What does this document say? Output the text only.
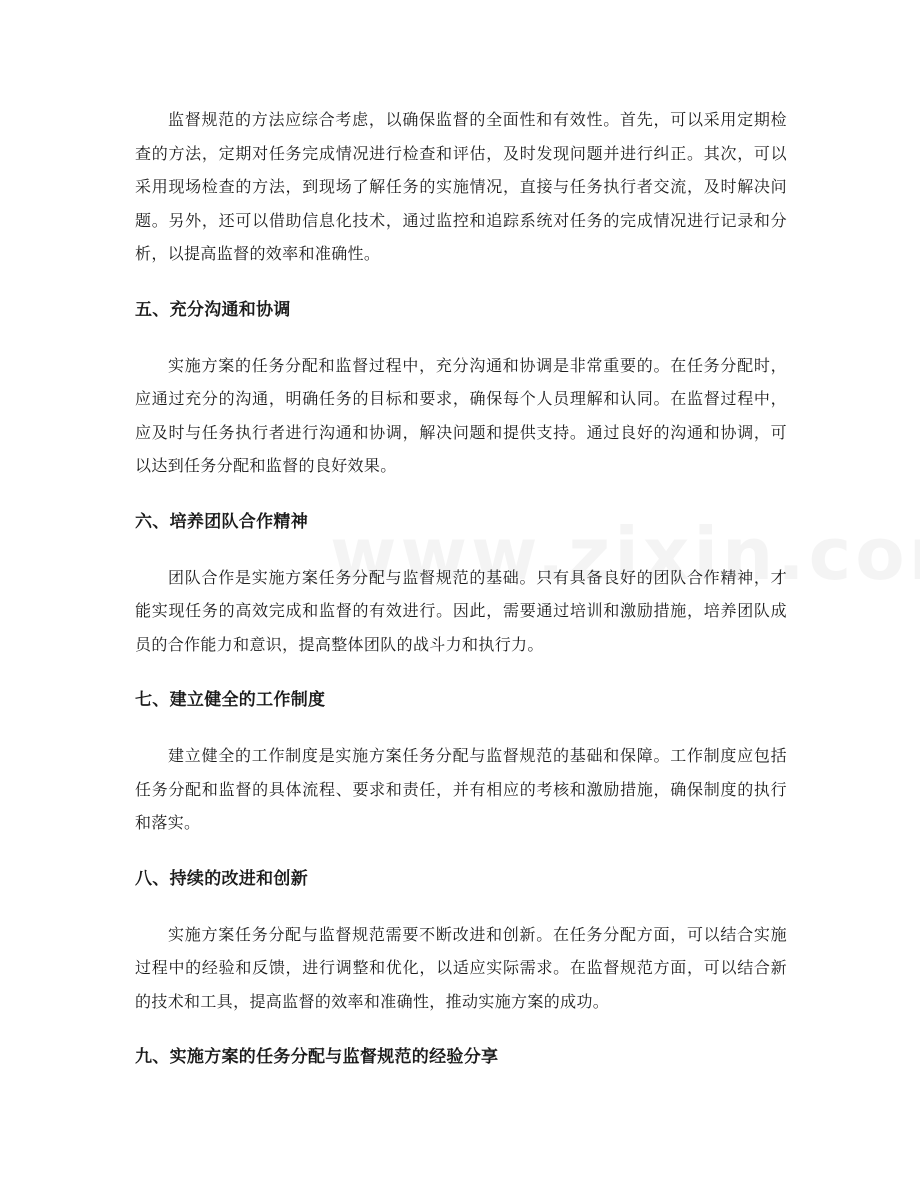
监督规范的方法应综合考虑，以确保监督的全面性和有效性。首先，可以采用定期检查的方法，定期对任务完成情况进行检查和评估，及时发现问题并进行纠正。其次，可以采用现场检查的方法，到现场了解任务的实施情况，直接与任务执行者交流，及时解决问题。另外，还可以借助信息化技术，通过监控和追踪系统对任务的完成情况进行记录和分析，以提高监督的效率和准确性。

五、充分沟通和协调

实施方案的任务分配和监督过程中，充分沟通和协调是非常重要的。在任务分配时，应通过充分的沟通，明确任务的目标和要求，确保每个人员理解和认同。在监督过程中，应及时与任务执行者进行沟通和协调，解决问题和提供支持。通过良好的沟通和协调，可以达到任务分配和监督的良好效果。

六、培养团队合作精神

团队合作是实施方案任务分配与监督规范的基础。只有具备良好的团队合作精神，才能实现任务的高效完成和监督的有效进行。因此，需要通过培训和激励措施，培养团队成员的合作能力和意识，提高整体团队的战斗力和执行力。

七、建立健全的工作制度

建立健全的工作制度是实施方案任务分配与监督规范的基础和保障。工作制度应包括任务分配和监督的具体流程、要求和责任，并有相应的考核和激励措施，确保制度的执行和落实。

八、持续的改进和创新

实施方案任务分配与监督规范需要不断改进和创新。在任务分配方面，可以结合实施过程中的经验和反馈，进行调整和优化，以适应实际需求。在监督规范方面，可以结合新的技术和工具，提高监督的效率和准确性，推动实施方案的成功。

九、实施方案的任务分配与监督规范的经验分享
